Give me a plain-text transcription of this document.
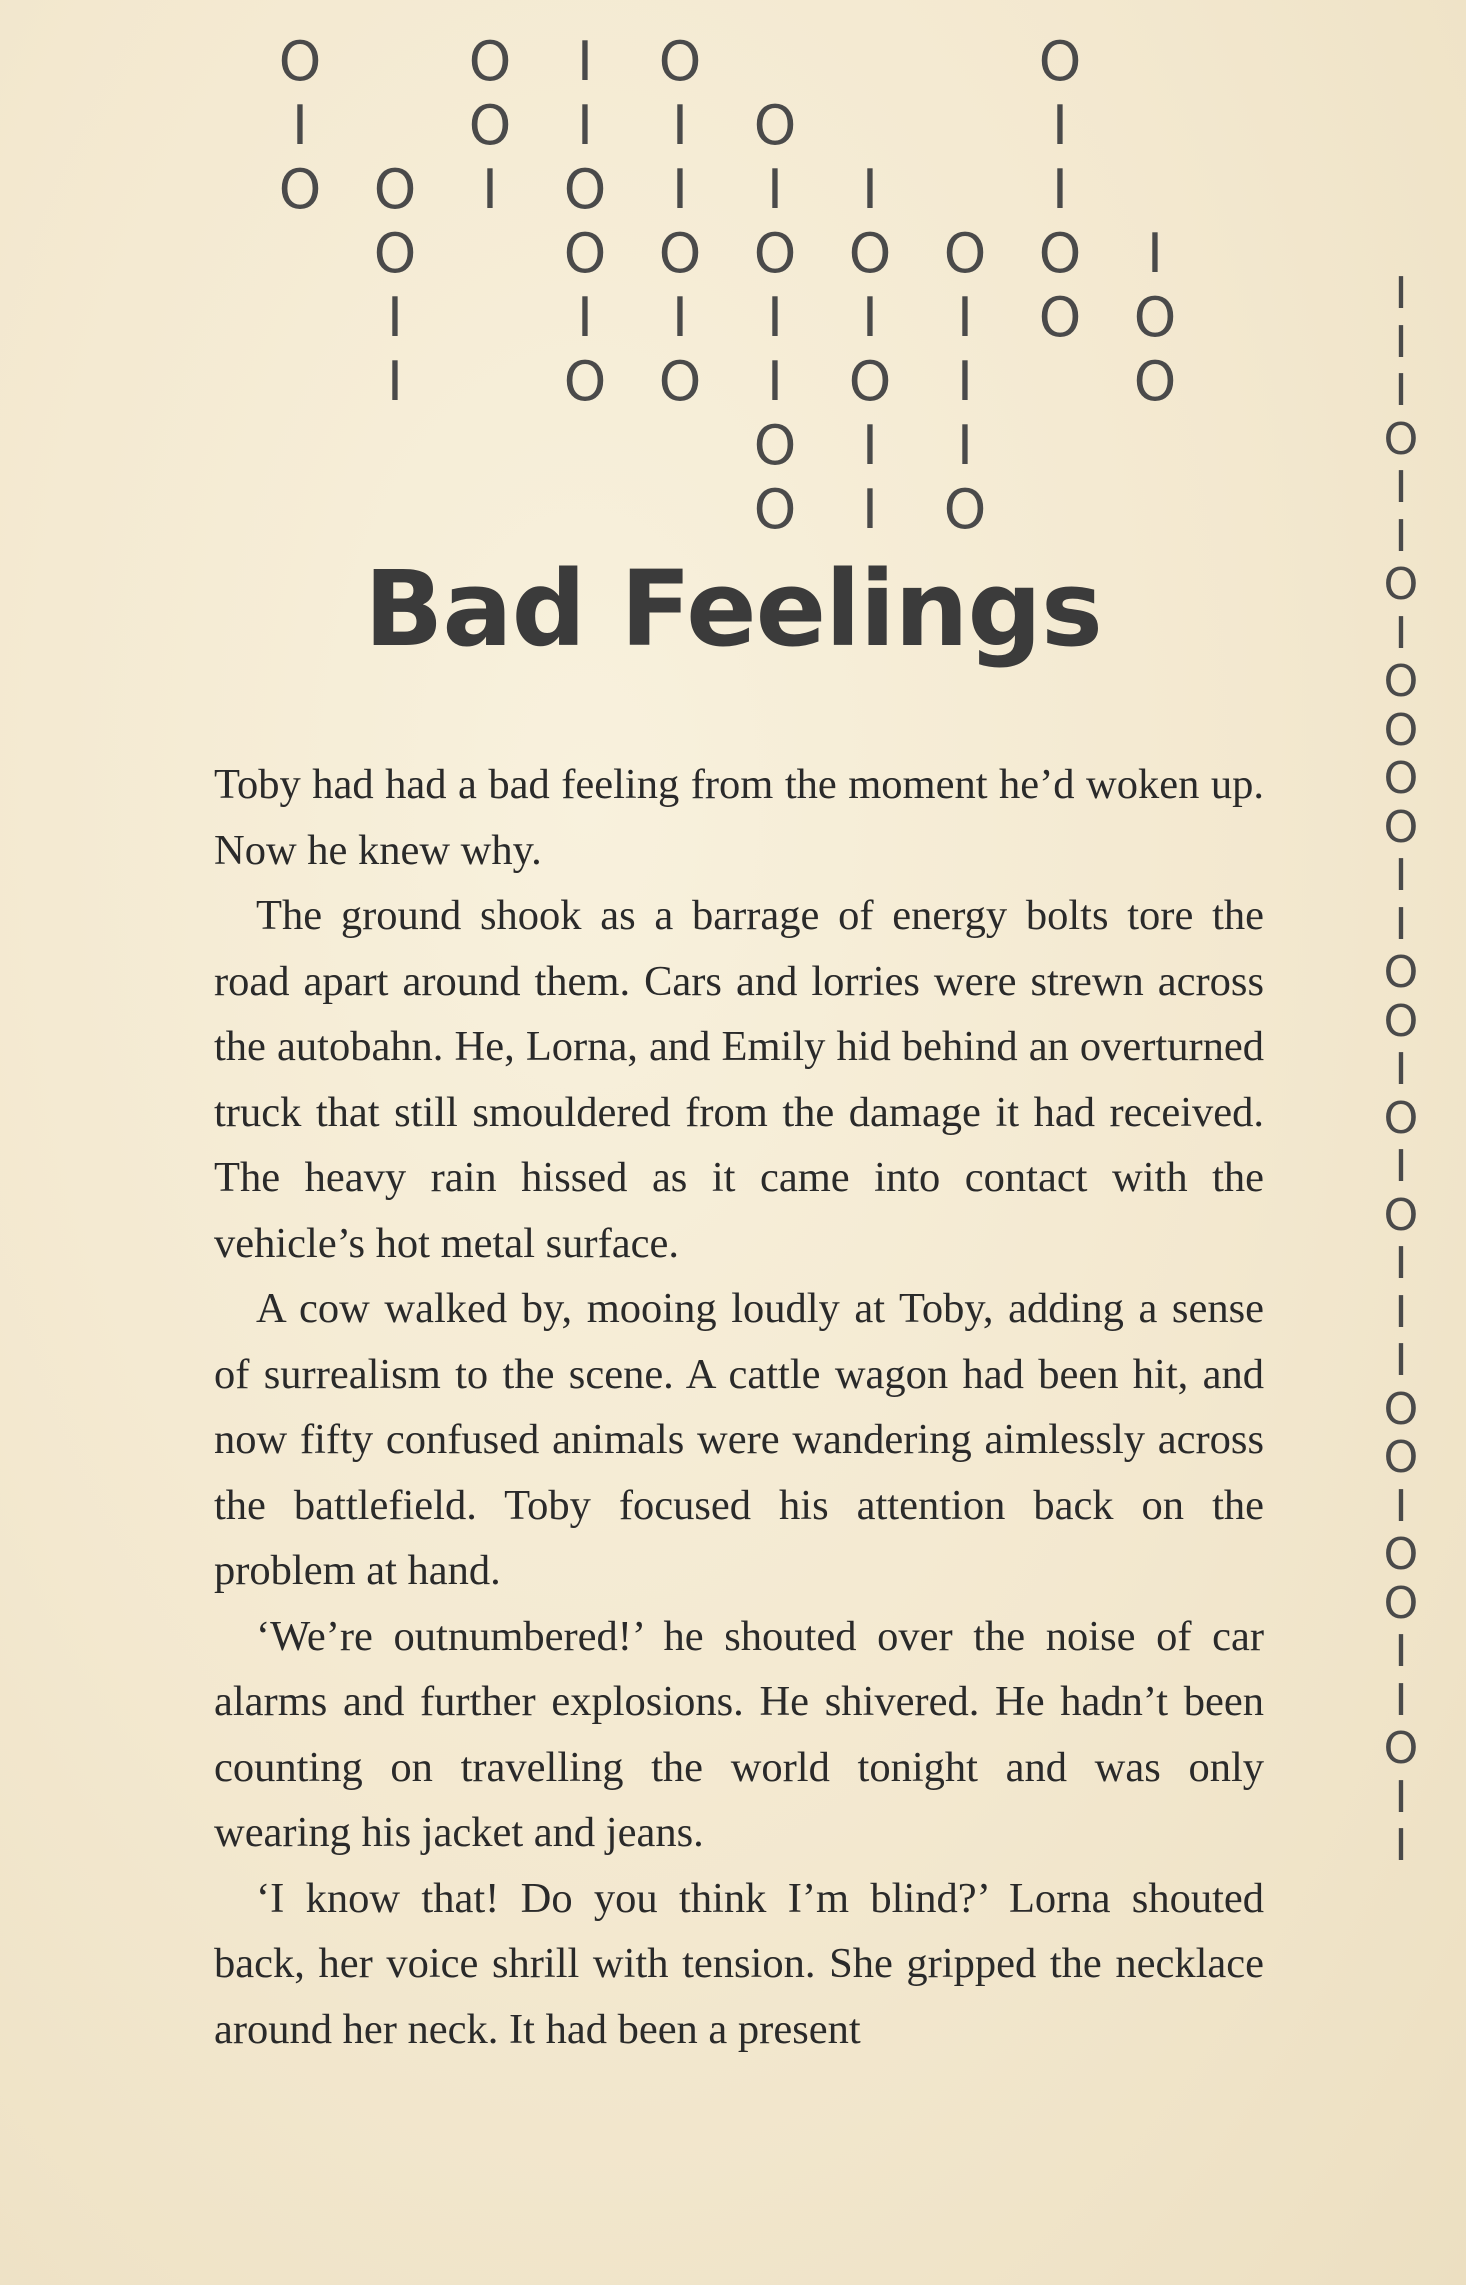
O
I
O

O
O
I
I
O
O
I
I
I
O
O
I
O
O
I
I
O
I
O

O
I
O
I
I
O
O

I
O
I
O
I
I

O
I
I
I
O
O
I
I
O
O

I
O
O
I
I
I
O
I
I
O
I
O
O
O
O
I
I
O
O
I
O
I
O
I
I
I
O
O
I
O
O
I
I
O
I
I
Bad Feelings

Toby had had a bad feeling from the moment he’d woken up. Now he knew why.

The ground shook as a barrage of energy bolts tore the road apart around them. Cars and lorries were strewn across the autobahn. He, Lorna, and Emily hid behind an overturned truck that still smouldered from the damage it had received. The heavy rain hissed as it came into contact with the vehicle’s hot metal surface.

A cow walked by, mooing loudly at Toby, adding a sense of surrealism to the scene. A cattle wagon had been hit, and now fifty confused animals were wandering aimlessly across the battlefield. Toby focused his attention back on the problem at hand.

‘We’re outnumbered!’ he shouted over the noise of car alarms and further explosions. He shivered. He hadn’t been counting on travelling the world tonight and was only wearing his jacket and jeans.

‘I know that! Do you think I’m blind?’ Lorna shouted back, her voice shrill with tension. She gripped the necklace around her neck. It had been a present
